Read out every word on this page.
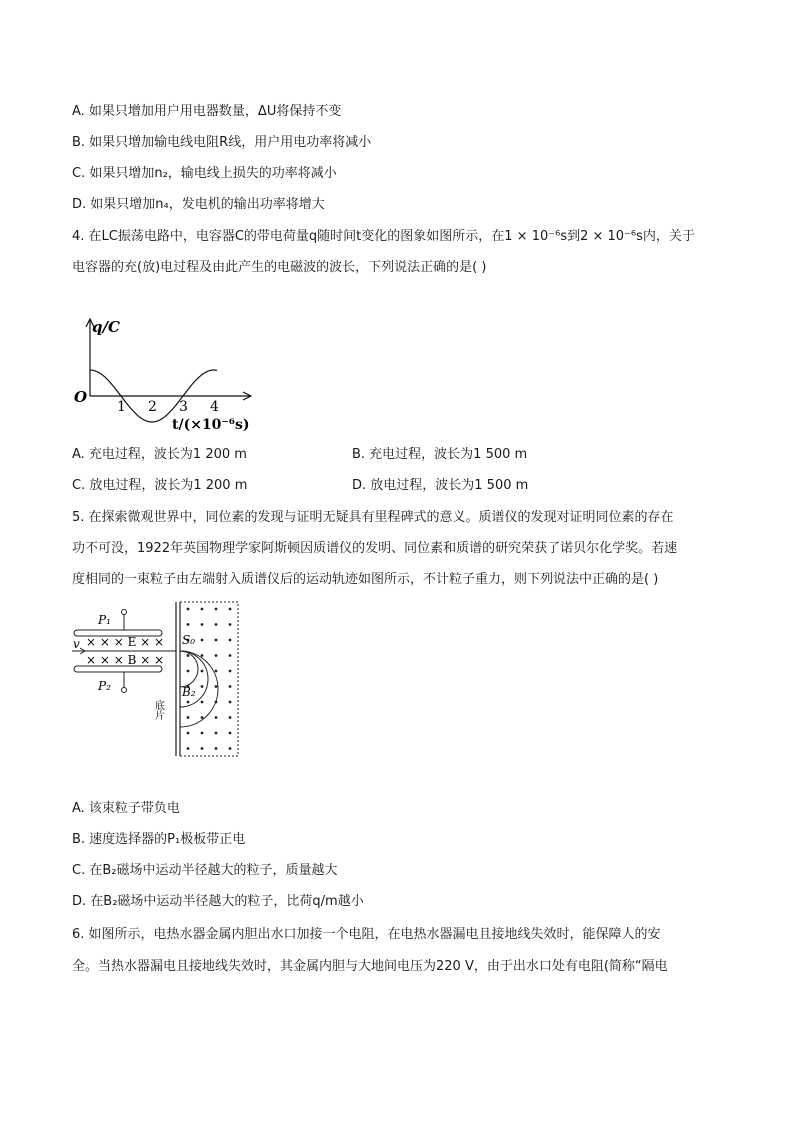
A. 如果只增加用户用电器数量，ΔU将保持不变

B. 如果只增加输电线电阻R线，用户用电功率将减小

C. 如果只增加n₂，输电线上损失的功率将减小

D. 如果只增加n₄，发电机的输出功率将增大

4. 在LC振荡电路中，电容器C的带电荷量q随时间t变化的图象如图所示，在1 × 10⁻⁶s到2 × 10⁻⁶s内，关于

电容器的充(放)电过程及由此产生的电磁波的波长，下列说法正确的是( )

q/C
O
1 2 3 4
t/(×10⁻⁶s)

A. 充电过程，波长为1 200 m	B. 充电过程，波长为1 500 m

C. 放电过程，波长为1 200 m	D. 放电过程，波长为1 500 m

5. 在探索微观世界中，同位素的发现与证明无疑具有里程碑式的意义。质谱仪的发现对证明同位素的存在

功不可没，1922年英国物理学家阿斯顿因质谱仪的发明、同位素和质谱的研究荣获了诺贝尔化学奖。若速

度相同的一束粒子由左端射入质谱仪后的运动轨迹如图所示，不计粒子重力，则下列说法中正确的是( )

P₁
P₂
v × × × E × ×
× × × B × ×
底片
S₀
B₂

A. 该束粒子带负电

B. 速度选择器的P₁极板带正电

C. 在B₂磁场中运动半径越大的粒子，质量越大

D. 在B₂磁场中运动半径越大的粒子，比荷q/m越小

6. 如图所示，电热水器金属内胆出水口加接一个电阻，在电热水器漏电且接地线失效时，能保障人的安

全。当热水器漏电且接地线失效时，其金属内胆与大地间电压为220 V，由于出水口处有电阻(简称“隔电
